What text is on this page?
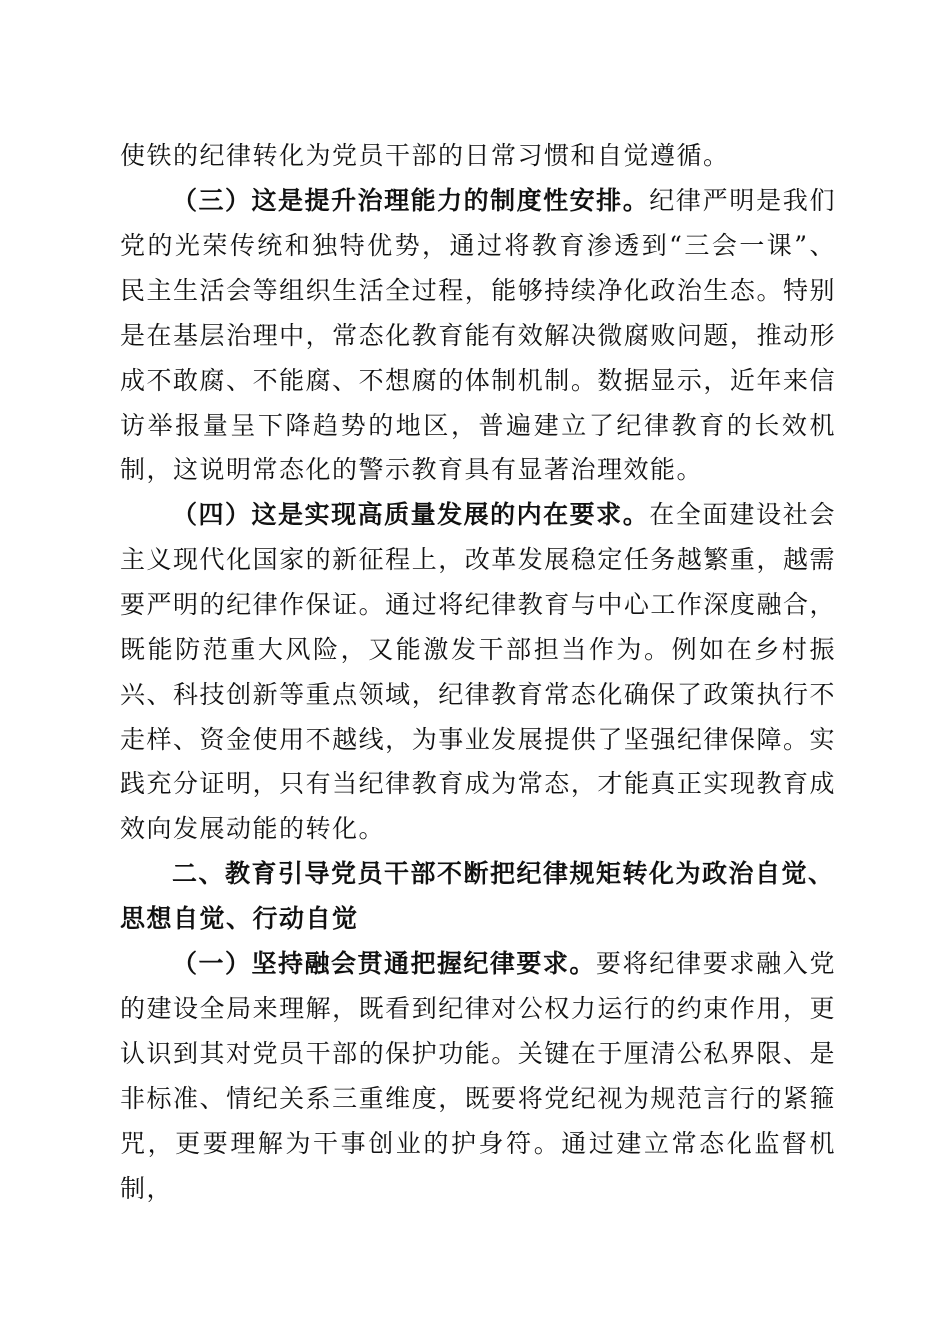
使铁的纪律转化为党员干部的日常习惯和自觉遵循。

（三）这是提升治理能力的制度性安排。纪律严明是我们党的光荣传统和独特优势，通过将教育渗透到“三会一课”、民主生活会等组织生活全过程，能够持续净化政治生态。特别是在基层治理中，常态化教育能有效解决微腐败问题，推动形成不敢腐、不能腐、不想腐的体制机制。数据显示，近年来信访举报量呈下降趋势的地区，普遍建立了纪律教育的长效机制，这说明常态化的警示教育具有显著治理效能。

（四）这是实现高质量发展的内在要求。在全面建设社会主义现代化国家的新征程上，改革发展稳定任务越繁重，越需要严明的纪律作保证。通过将纪律教育与中心工作深度融合，既能防范重大风险，又能激发干部担当作为。例如在乡村振兴、科技创新等重点领域，纪律教育常态化确保了政策执行不走样、资金使用不越线，为事业发展提供了坚强纪律保障。实践充分证明，只有当纪律教育成为常态，才能真正实现教育成效向发展动能的转化。

二、教育引导党员干部不断把纪律规矩转化为政治自觉、思想自觉、行动自觉

（一）坚持融会贯通把握纪律要求。要将纪律要求融入党的建设全局来理解，既看到纪律对公权力运行的约束作用，更认识到其对党员干部的保护功能。关键在于厘清公私界限、是非标准、情纪关系三重维度，既要将党纪视为规范言行的紧箍咒，更要理解为干事创业的护身符。通过建立常态化监督机制，
